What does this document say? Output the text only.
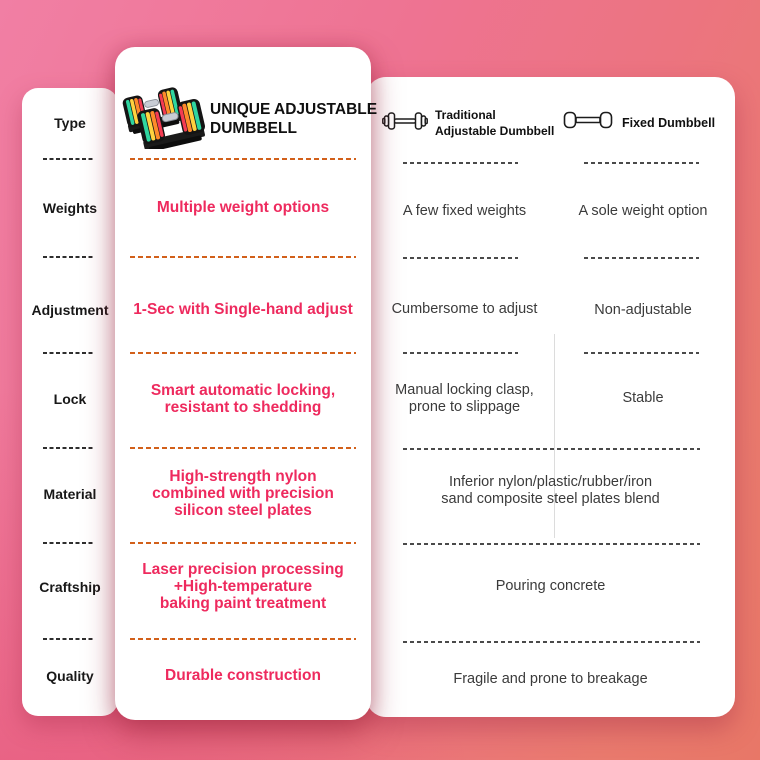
Type
Weights
Adjustment
Lock
Material
Craftship
Quality
Traditional
Adjustable Dumbbell
Fixed Dumbbell
A few fixed weights
Cumbersome to adjust
Manual locking clasp,
prone to slippage
A sole weight option
Non-adjustable
Stable
Inferior nylon/plastic/rubber/iron
sand composite steel plates blend
Pouring concrete
Fragile and prone to breakage
UNIQUE ADJUSTABLE
DUMBBELL
Multiple weight options
1-Sec with Single-hand adjust
Smart automatic locking,
resistant to shedding
High-strength nylon
combined with precision
silicon steel plates
Laser precision processing
+High-temperature
baking paint treatment
Durable construction
